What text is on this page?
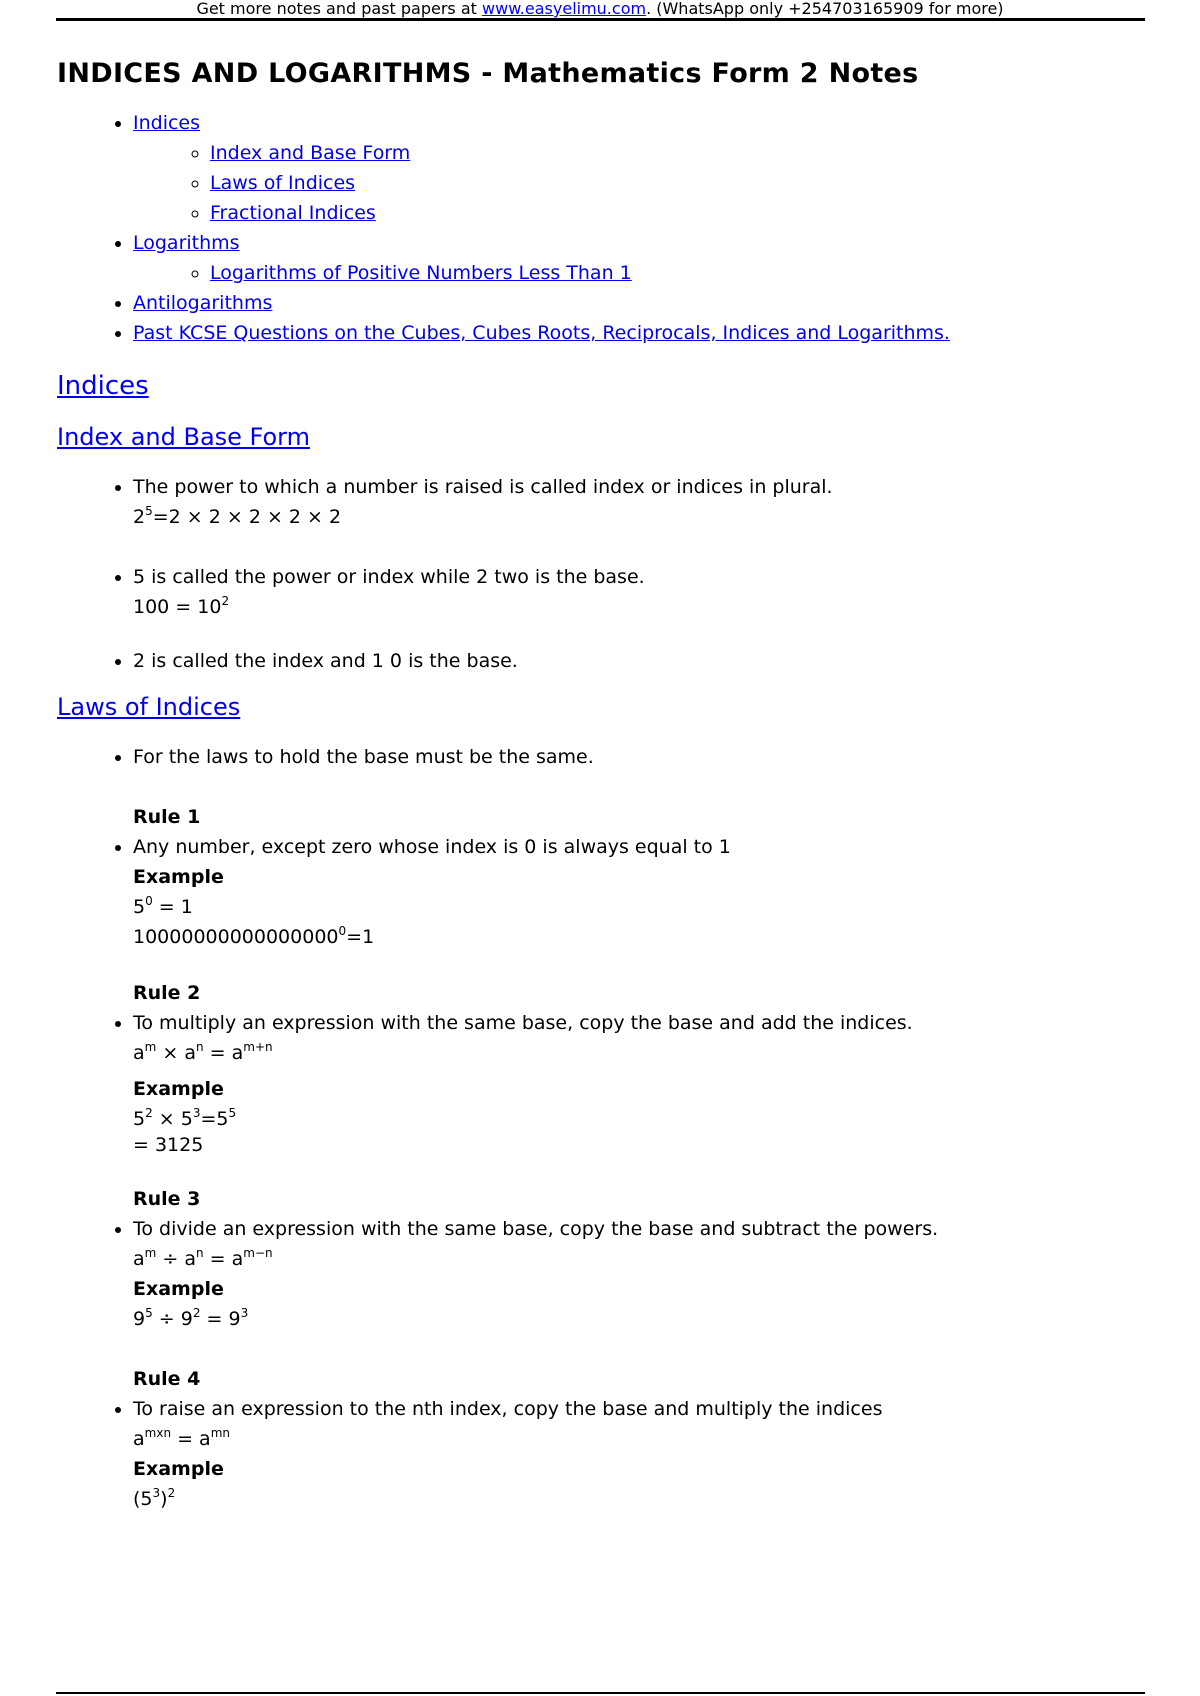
Get more notes and past papers at www.easyelimu.com. (WhatsApp only +254703165909 for more)
INDICES AND LOGARITHMS - Mathematics Form 2 Notes
• Indices
◦ Index and Base Form
◦ Laws of Indices
◦ Fractional Indices
• Logarithms
◦ Logarithms of Positive Numbers Less Than 1
• Antilogarithms
• Past KCSE Questions on the Cubes, Cubes Roots, Reciprocals, Indices and Logarithms.
Indices
Index and Base Form
• The power to which a number is raised is called index or indices in plural.
$2^5=2 \times 2 \times 2 \times 2 \times 2$
• 5 is called the power or index while 2 two is the base.
$100 = 10^2$
• 2 is called the index and 1 0 is the base.
Laws of Indices
• For the laws to hold the base must be the same.
Rule 1
• Any number, except zero whose index is 0 is always equal to 1
Example
$5^0 = 1$
$10000000000000000^0=1$
Rule 2
• To multiply an expression with the same base, copy the base and add the indices.
$a^m \times a^n = a^{m+n}$
Example
$5^2 \times 5^3=5^5$
= 3125
Rule 3
• To divide an expression with the same base, copy the base and subtract the powers.
$a^m \div a^n = a^{m-n}$
Example
$9^5 \div 9^2 = 9^3$
Rule 4
• To raise an expression to the nth index, copy the base and multiply the indices
$a^{mxn} = a^{mn}$
Example
$(5^3)^2$
